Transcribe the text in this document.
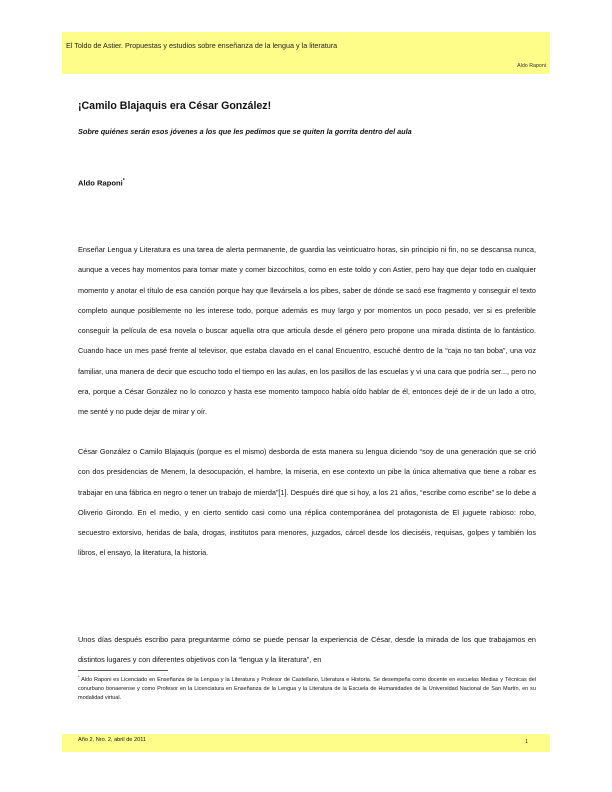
El Toldo de Astier. Propuestas y estudios sobre enseñanza de la lengua y la literatura
Aldo Raponi
¡Camilo Blajaquis era César González!
Sobre quiénes serán esos jóvenes a los que les pedimos que se quiten la gorrita dentro del aula
Aldo Raponi*

Enseñar Lengua y Literatura es una tarea de alerta permanente, de guardia las veinticuatro horas, sin principio ni fin, no se descansa nunca, aunque a veces hay momentos para tomar mate y comer bizcochitos, como en este toldo y con Astier, pero hay que dejar todo en cualquier momento y anotar el título de esa canción porque hay que llevársela a los pibes, saber de dónde se sacó ese fragmento y conseguir el texto completo aunque posiblemente no les interese todo, porque además es muy largo y por momentos un poco pesado, ver si es preferible conseguir la película de esa novela o buscar aquella otra que articula desde el género pero propone una mirada distinta de lo fantástico. Cuando hace un mes pasé frente al televisor, que estaba clavado en el canal Encuentro, escuché dentro de la “caja no tan boba”, una voz familiar, una manera de decir que escucho todo el tiempo en las aulas, en los pasillos de las escuelas y vi una cara que podría ser..., pero no era, porque a César González no lo conozco y hasta ese momento tampoco había oído hablar de él, entonces dejé de ir de un lado a otro, me senté y no pude dejar de mirar y oír.

César González o Camilo Blajaquis (porque es el mismo) desborda de esta manera su lengua diciendo “soy de una generación que se crió con dos presidencias de Menem, la desocupación, el hambre, la miseria, en ese contexto un pibe la única alternativa que tiene a robar es trabajar en una fábrica en negro o tener un trabajo de mierda”[1]. Después diré que si hoy, a los 21 años, “escribe como escribe” se lo debe a Oliverio Girondo. En el medio, y en cierto sentido casi como una réplica contemporánea del protagonista de El juguete rabioso: robo, secuestro extorsivo, heridas de bala, drogas, institutos para menores, juzgados, cárcel desde los dieciséis, requisas, golpes y también los libros, el ensayo, la literatura, la historia.

Unos días después escribo para preguntarme cómo se puede pensar la experiencia de César, desde la mirada de los que trabajamos en distintos lugares y con diferentes objetivos con la “lengua y la literatura”, en

* Aldo Raponi es Licenciado en Enseñanza de la Lengua y la Literatura y Profesor de Castellano, Literatura e Historia. Se desempeña como docente en escuelas Medias y Técnicas del conurbano bonaerense y como Profesor en la Licenciatura en Enseñanza de la Lengua y la Literatura de la Escuela de Humanidades de la Universidad Nacional de San Martín, en su modalidad virtual.

Año 2, Nro. 2, abril de 2011	1
